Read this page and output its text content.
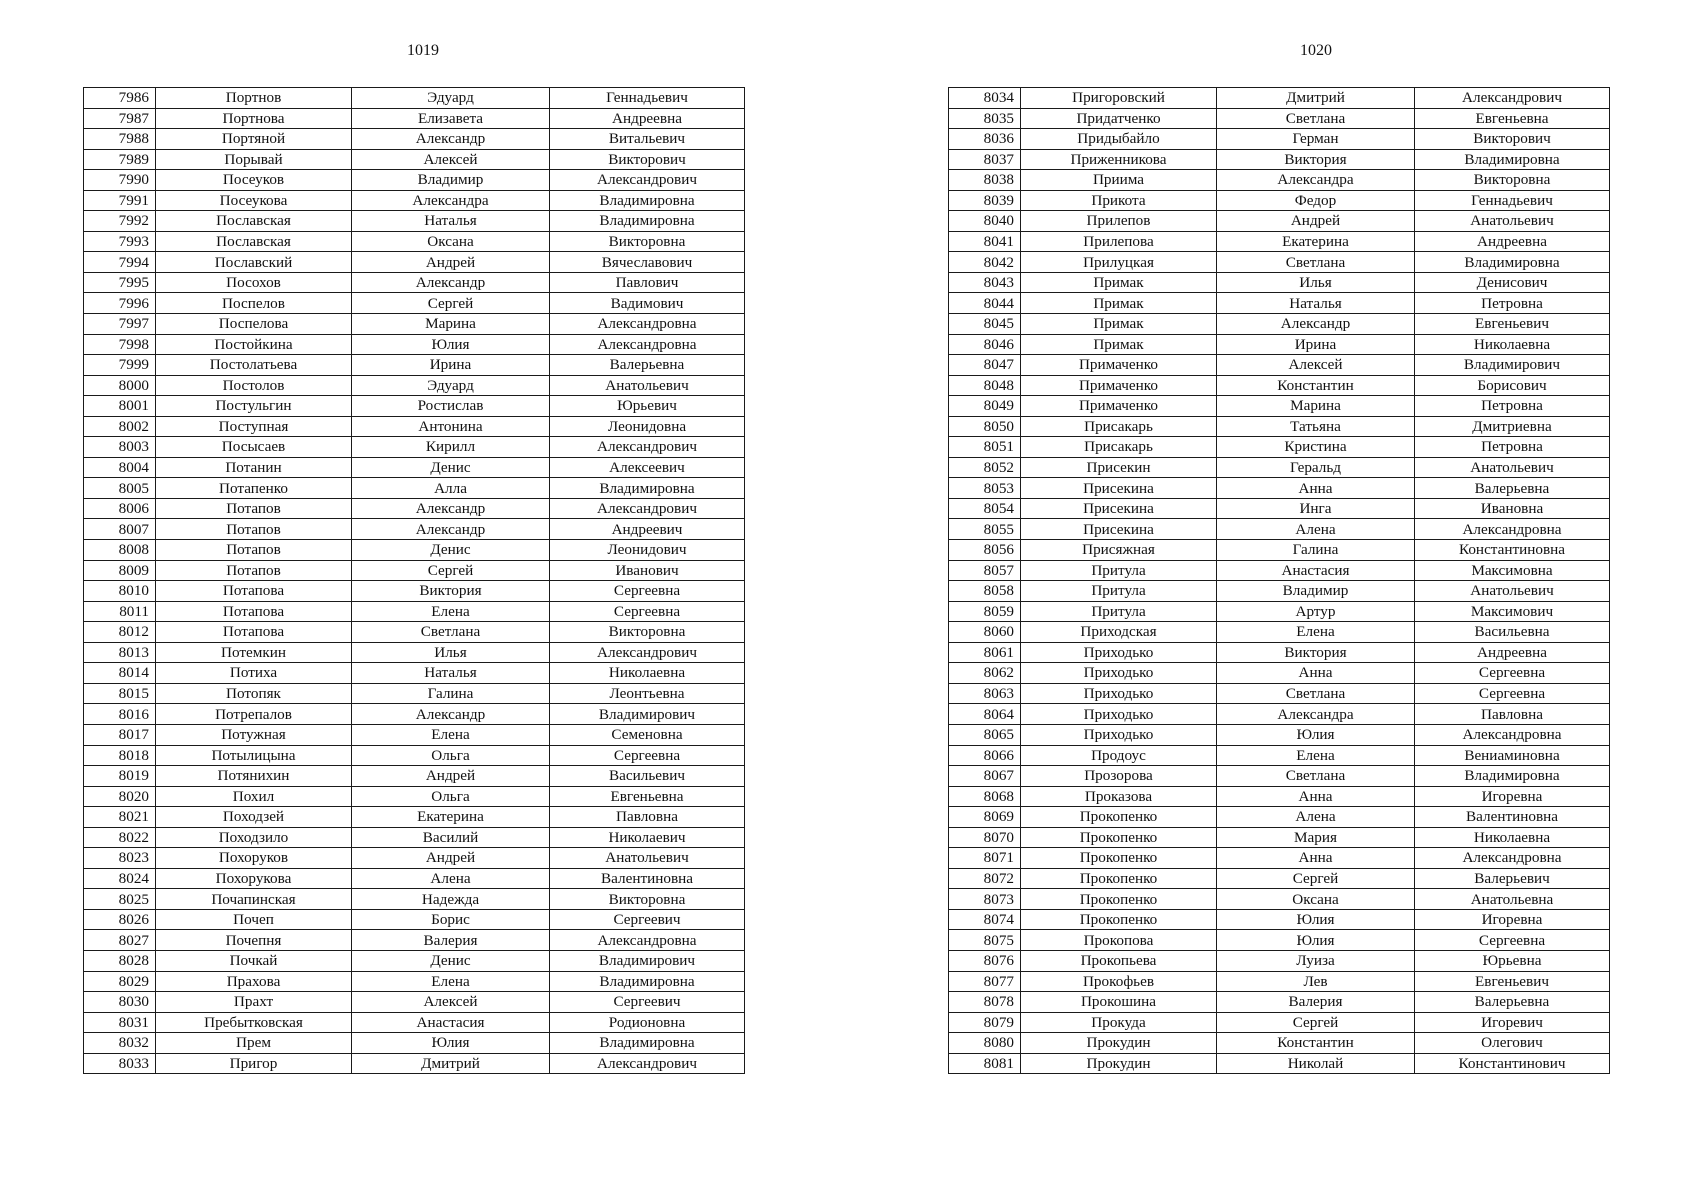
1019	1020
7986	Портнов	Эдуард	Геннадьевич
7987	Портнова	Елизавета	Андреевна
7988	Портяной	Александр	Витальевич
7989	Порывай	Алексей	Викторович
7990	Посеуков	Владимир	Александрович
7991	Посеукова	Александра	Владимировна
7992	Пославская	Наталья	Владимировна
7993	Пославская	Оксана	Викторовна
7994	Пославский	Андрей	Вячеславович
7995	Посохов	Александр	Павлович
7996	Поспелов	Сергей	Вадимович
7997	Поспелова	Марина	Александровна
7998	Постойкина	Юлия	Александровна
7999	Постолатьева	Ирина	Валерьевна
8000	Постолов	Эдуард	Анатольевич
8001	Постульгин	Ростислав	Юрьевич
8002	Поступная	Антонина	Леонидовна
8003	Посысаев	Кирилл	Александрович
8004	Потанин	Денис	Алексеевич
8005	Потапенко	Алла	Владимировна
8006	Потапов	Александр	Александрович
8007	Потапов	Александр	Андреевич
8008	Потапов	Денис	Леонидович
8009	Потапов	Сергей	Иванович
8010	Потапова	Виктория	Сергеевна
8011	Потапова	Елена	Сергеевна
8012	Потапова	Светлана	Викторовна
8013	Потемкин	Илья	Александрович
8014	Потиха	Наталья	Николаевна
8015	Потопяк	Галина	Леонтьевна
8016	Потрепалов	Александр	Владимирович
8017	Потужная	Елена	Семеновна
8018	Потылицына	Ольга	Сергеевна
8019	Потянихин	Андрей	Васильевич
8020	Похил	Ольга	Евгеньевна
8021	Походзей	Екатерина	Павловна
8022	Походзило	Василий	Николаевич
8023	Похоруков	Андрей	Анатольевич
8024	Похорукова	Алена	Валентиновна
8025	Почапинская	Надежда	Викторовна
8026	Почеп	Борис	Сергеевич
8027	Почепня	Валерия	Александровна
8028	Почкай	Денис	Владимирович
8029	Прахова	Елена	Владимировна
8030	Прахт	Алексей	Сергеевич
8031	Пребытковская	Анастасия	Родионовна
8032	Прем	Юлия	Владимировна
8033	Пригор	Дмитрий	Александрович
8034	Пригоровский	Дмитрий	Александрович
8035	Придатченко	Светлана	Евгеньевна
8036	Придыбайло	Герман	Викторович
8037	Приженникова	Виктория	Владимировна
8038	Приима	Александра	Викторовна
8039	Прикота	Федор	Геннадьевич
8040	Прилепов	Андрей	Анатольевич
8041	Прилепова	Екатерина	Андреевна
8042	Прилуцкая	Светлана	Владимировна
8043	Примак	Илья	Денисович
8044	Примак	Наталья	Петровна
8045	Примак	Александр	Евгеньевич
8046	Примак	Ирина	Николаевна
8047	Примаченко	Алексей	Владимирович
8048	Примаченко	Константин	Борисович
8049	Примаченко	Марина	Петровна
8050	Присакарь	Татьяна	Дмитриевна
8051	Присакарь	Кристина	Петровна
8052	Присекин	Геральд	Анатольевич
8053	Присекина	Анна	Валерьевна
8054	Присекина	Инга	Ивановна
8055	Присекина	Алена	Александровна
8056	Присяжная	Галина	Константиновна
8057	Притула	Анастасия	Максимовна
8058	Притула	Владимир	Анатольевич
8059	Притула	Артур	Максимович
8060	Приходская	Елена	Васильевна
8061	Приходько	Виктория	Андреевна
8062	Приходько	Анна	Сергеевна
8063	Приходько	Светлана	Сергеевна
8064	Приходько	Александра	Павловна
8065	Приходько	Юлия	Александровна
8066	Продоус	Елена	Вениаминовна
8067	Прозорова	Светлана	Владимировна
8068	Проказова	Анна	Игоревна
8069	Прокопенко	Алена	Валентиновна
8070	Прокопенко	Мария	Николаевна
8071	Прокопенко	Анна	Александровна
8072	Прокопенко	Сергей	Валерьевич
8073	Прокопенко	Оксана	Анатольевна
8074	Прокопенко	Юлия	Игоревна
8075	Прокопова	Юлия	Сергеевна
8076	Прокопьева	Луиза	Юрьевна
8077	Прокофьев	Лев	Евгеньевич
8078	Прокошина	Валерия	Валерьевна
8079	Прокуда	Сергей	Игоревич
8080	Прокудин	Константин	Олегович
8081	Прокудин	Николай	Константинович
